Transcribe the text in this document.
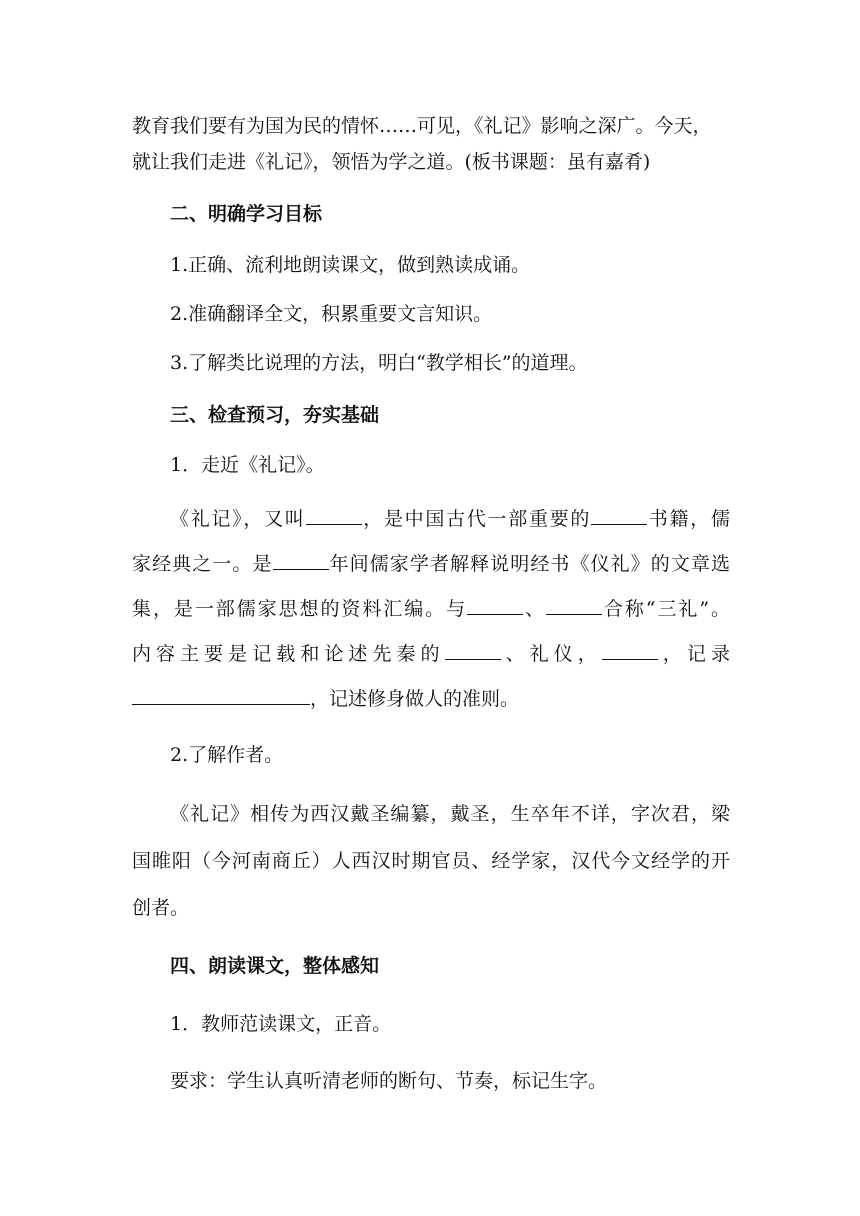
教育我们要有为国为民的情怀……可见，《礼记》影响之深广。今天，
就让我们走进《礼记》，领悟为学之道。(板书课题：虽有嘉肴)
二、明确学习目标
1.正确、流利地朗读课文，做到熟读成诵。
2.准确翻译全文，积累重要文言知识。
3.了解类比说理的方法，明白“教学相长”的道理。
三、检查预习，夯实基础
1．走近《礼记》。
《礼记》，又叫	，是中国古代一部重要的	书籍，儒
家经典之一。是	年间儒家学者解释说明经书《仪礼》的文章选
集，是一部儒家思想的资料汇编。与	、	合称“三礼”。
内容主要是记载和论述先秦的	、礼仪，	，记录
，记述修身做人的准则。
2.了解作者。
《礼记》相传为西汉戴圣编纂，戴圣，生卒年不详，字次君，梁
国睢阳（今河南商丘）人西汉时期官员、经学家，汉代今文经学的开
创者。
四、朗读课文，整体感知
1．教师范读课文，正音。
要求：学生认真听清老师的断句、节奏，标记生字。
